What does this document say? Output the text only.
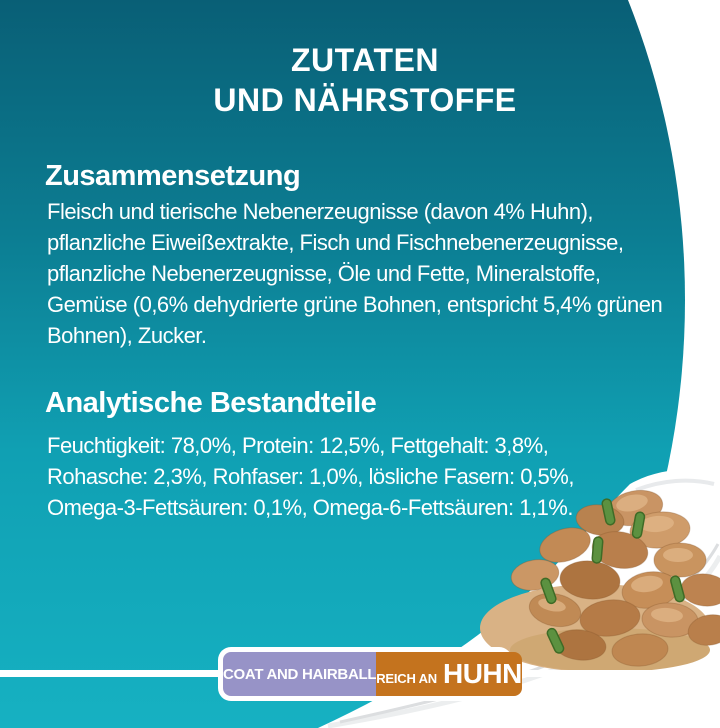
ZUTATEN
UND NÄHRSTOFFE
Zusammensetzung
Fleisch und tierische Nebenerzeugnisse (davon 4% Huhn),
pflanzliche Eiweißextrakte, Fisch und Fischnebenerzeugnisse,
pflanzliche Nebenerzeugnisse, Öle und Fette, Mineralstoffe,
Gemüse (0,6% dehydrierte grüne Bohnen, entspricht 5,4% grünen
Bohnen), Zucker.
Analytische Bestandteile
Feuchtigkeit: 78,0%, Protein: 12,5%, Fettgehalt: 3,8%,
Rohasche: 2,3%, Rohfaser: 1,0%, lösliche Fasern: 0,5%,
Omega-3-Fettsäuren: 0,1%, Omega-6-Fettsäuren: 1,1%.
COAT AND HAIRBALL REICH AN HUHN
